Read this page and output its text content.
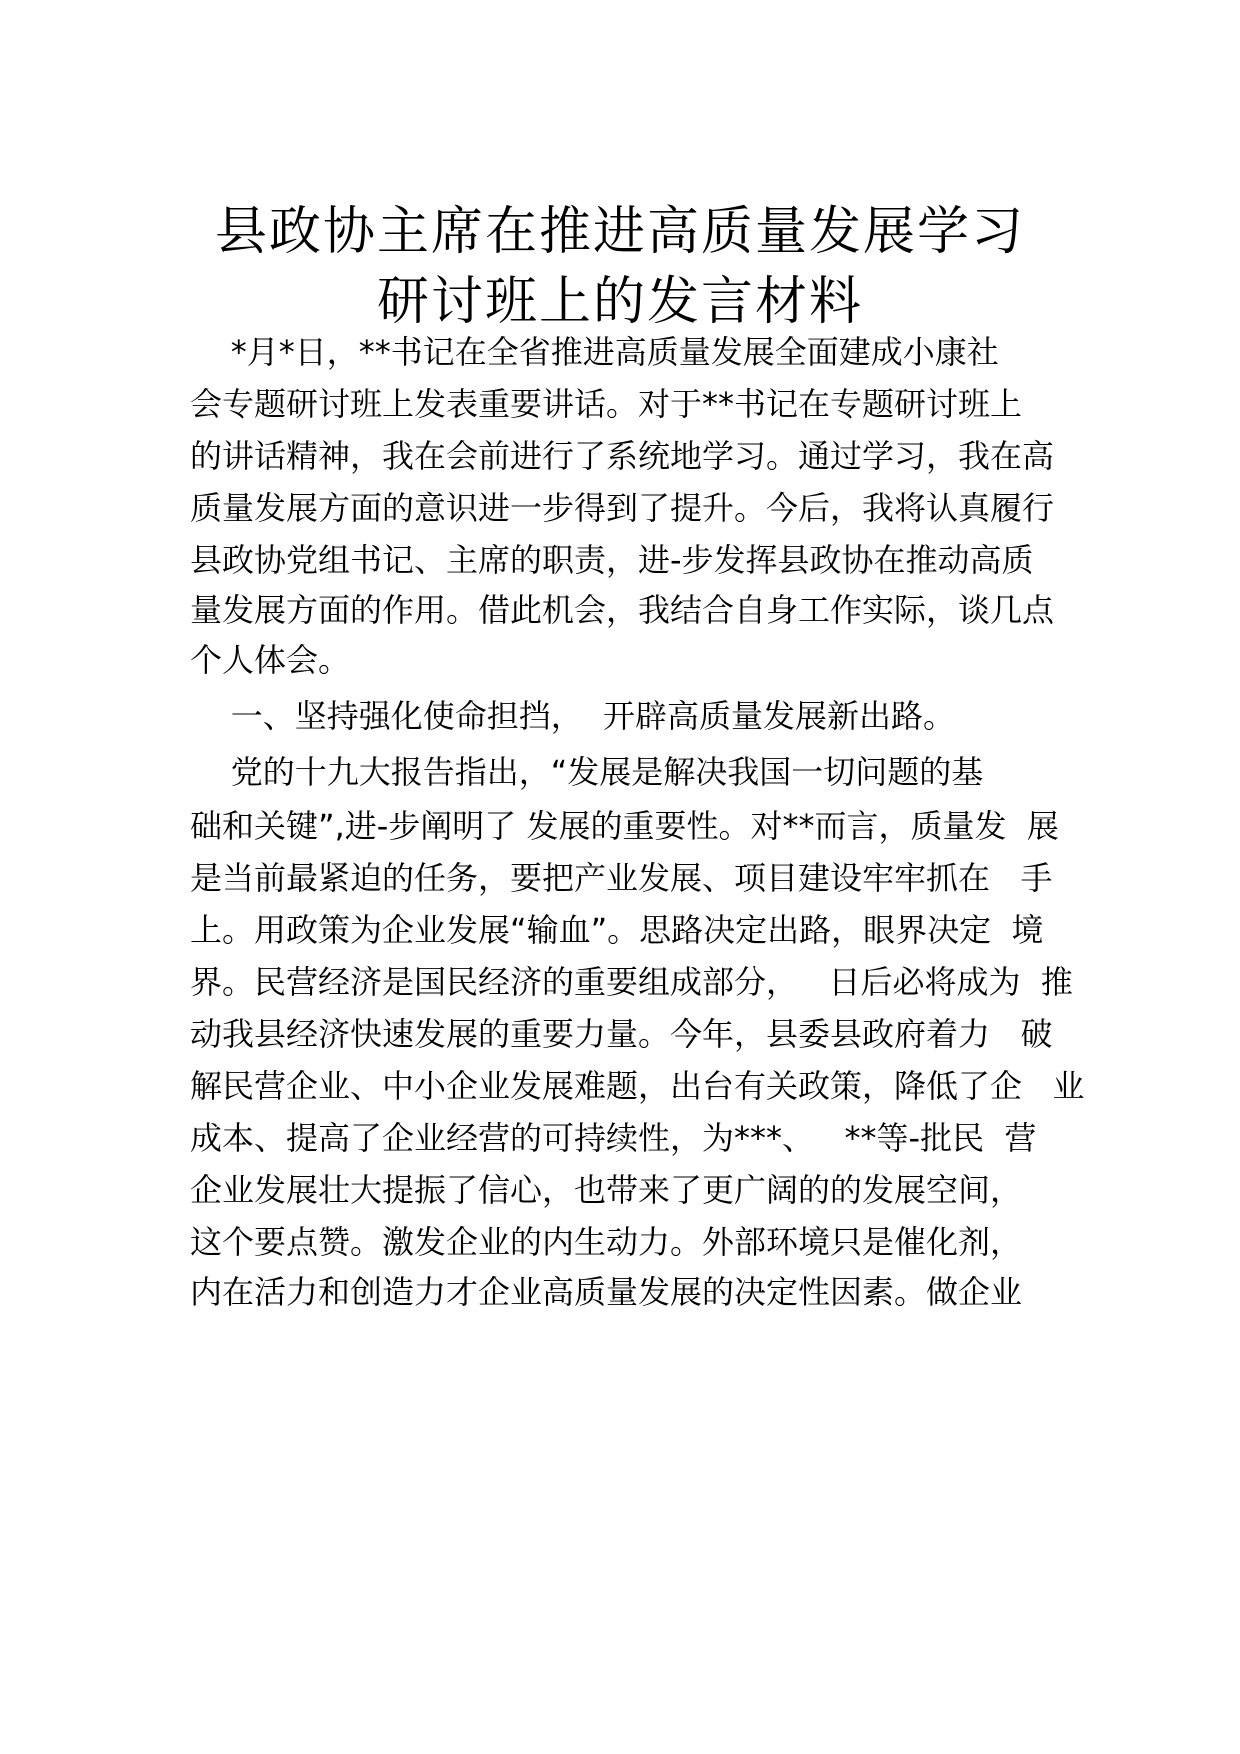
县政协主席在推进高质量发展学习
研讨班上的发言材料
*月*日，**书记在全省推进高质量发展全面建成小康社
会专题研讨班上发表重要讲话。对于**书记在专题研讨班上
的讲话精神，我在会前进行了系统地学习。通过学习，我在高
质量发展方面的意识进一步得到了提升。今后，我将认真履行
县政协党组书记、主席的职责，进-步发挥县政协在推动高质
量发展方面的作用。借此机会，我结合自身工作实际，谈几点
个人体会。
一、坚持强化使命担挡，  开辟高质量发展新出路。
党的十九大报告指出，“发展是解决我国一切问题的基
础和关键”,进-步阐明了 发展的重要性。对**而言，质量发  展
是当前最紧迫的任务，要把产业发展、项目建设牢牢抓在   手
上。用政策为企业发展“输血”。思路决定出路，眼界决定  境
界。民营经济是国民经济的重要组成部分，   日后必将成为  推
动我县经济快速发展的重要力量。今年，县委县政府着力   破
解民营企业、中小企业发展难题，出台有关政策，降低了企   业
成本、提高了企业经营的可持续性，为***、   **等-批民  营
企业发展壮大提振了信心，也带来了更广阔的的发展空间，
这个要点赞。激发企业的内生动力。外部环境只是催化剂，
内在活力和创造力才企业高质量发展的决定性因素。做企业
